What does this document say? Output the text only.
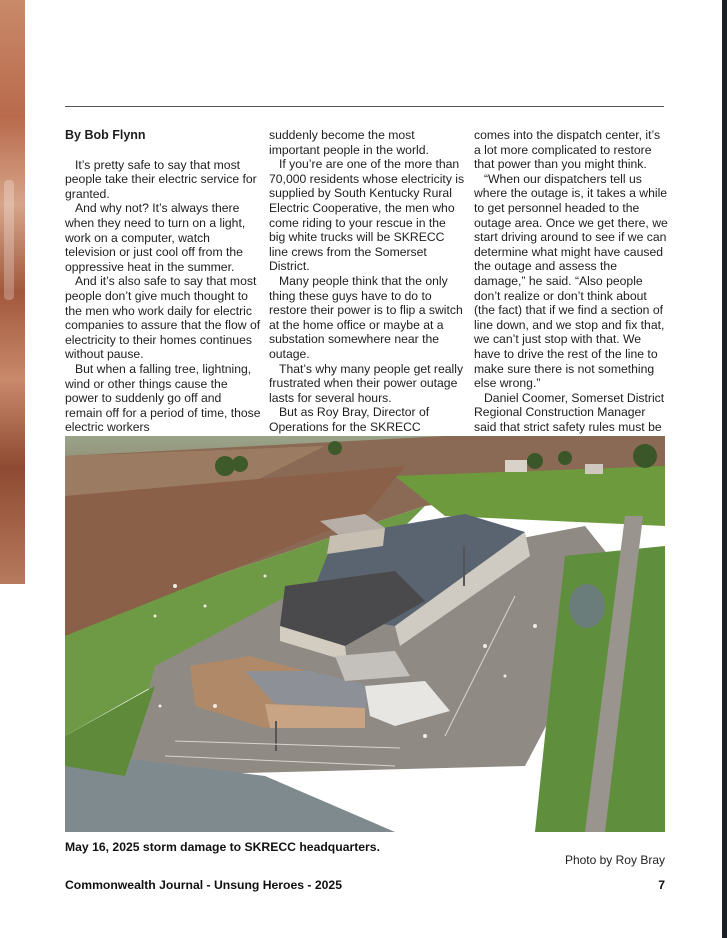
By Bob Flynn

It’s pretty safe to say that most people take their electric service for granted.

And why not? It’s always there when they need to turn on a light, work on a computer, watch television or just cool off from the oppressive heat in the summer.

And it’s also safe to say that most people don’t give much thought to the men who work daily for electric companies to assure that the flow of electricity to their homes continues without pause.

But when a falling tree, lightning, wind or other things cause the power to suddenly go off and remain off for a period of time, those electric workers

suddenly become the most important people in the world.

If you’re are one of the more than 70,000 residents whose electricity is supplied by South Kentucky Rural Electric Cooperative, the men who come riding to your rescue in the big white trucks will be SKRECC line crews from the Somerset District.

Many people think that the only thing these guys have to do to restore their power is to flip a switch at the home office or maybe at a substation somewhere near the outage.

That’s why many people get really frustrated when their power outage lasts for several hours.

But as Roy Bray, Director of Operations for the SKRECC

comes into the dispatch center, it’s a lot more complicated to restore that power than you might think.

“When our dispatchers tell us where the outage is, it takes a while to get personnel headed to the outage area. Once we get there, we start driving around to see if we can determine what might have caused the outage and assess the damage,” he said. “Also people don’t realize or don’t think about (the fact) that if we find a section of line down, and we stop and fix that, we can’t just stop with that. We have to drive the rest of the line to make sure there is not something else wrong.”

Daniel Coomer, Somerset District Regional Construction Manager said that strict safety rules must be

May 16, 2025 storm damage to SKRECC headquarters.
Photo by Roy Bray
Commonwealth Journal - Unsung Heroes - 2025	7
